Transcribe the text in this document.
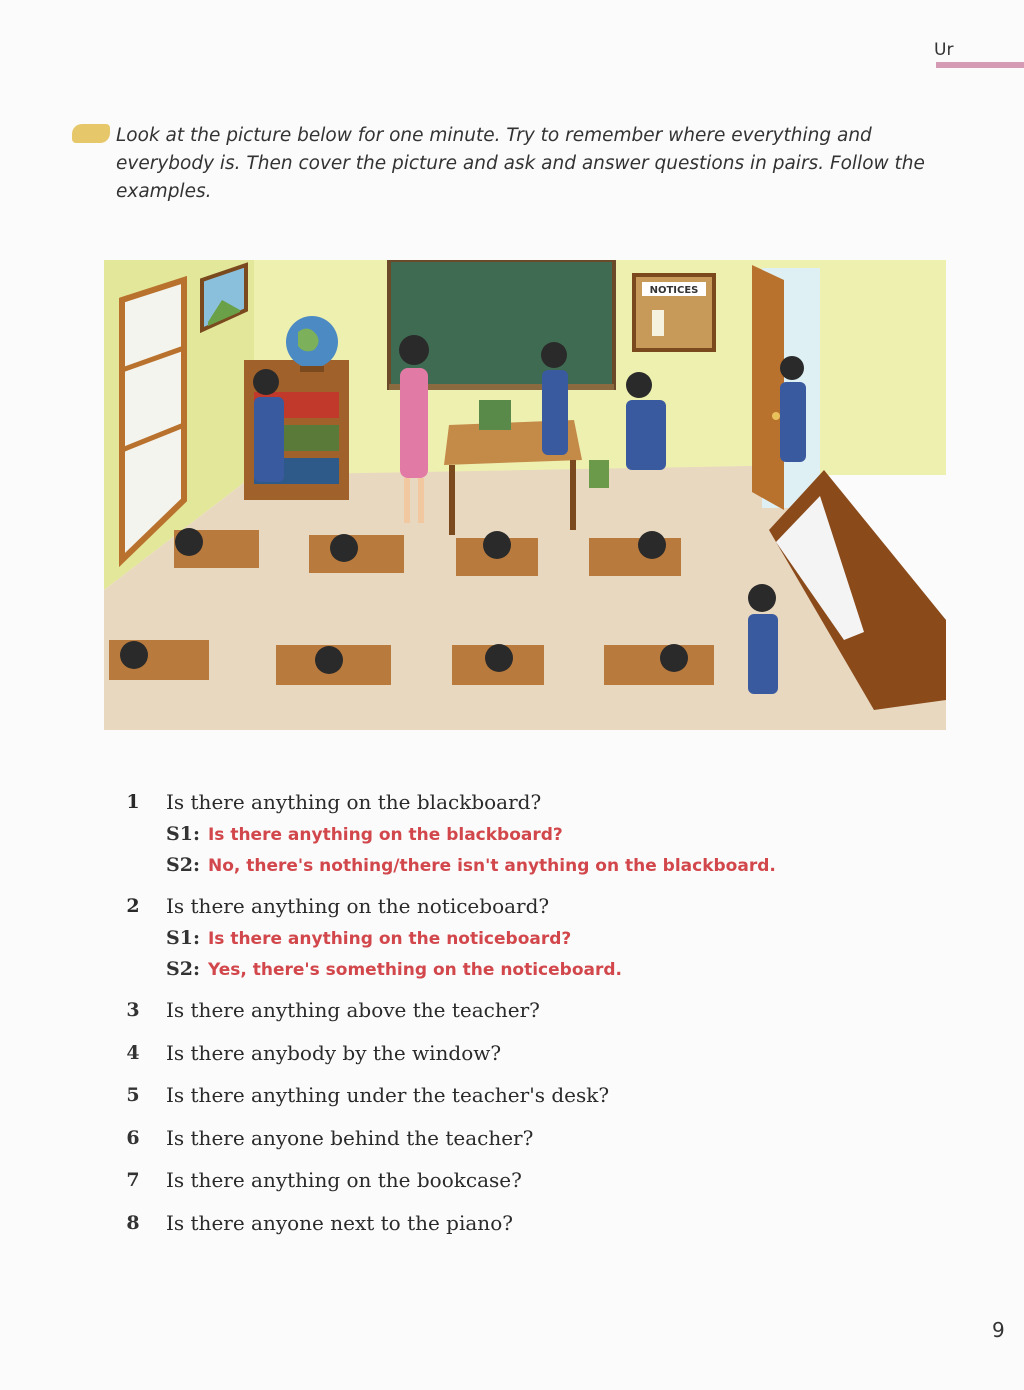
Ur
Look at the picture below for one minute. Try to remember where everything and everybody is. Then cover the picture and ask and answer questions in pairs. Follow the examples.
NOTICES
1	Is there anything on the blackboard?
S1: Is there anything on the blackboard?
S2: No, there's nothing/there isn't anything on the blackboard.
2	Is there anything on the noticeboard?
S1: Is there anything on the noticeboard?
S2: Yes, there's something on the noticeboard.
3	Is there anything above the teacher?
4	Is there anybody by the window?
5	Is there anything under the teacher's desk?
6	Is there anyone behind the teacher?
7	Is there anything on the bookcase?
8	Is there anyone next to the piano?
9
